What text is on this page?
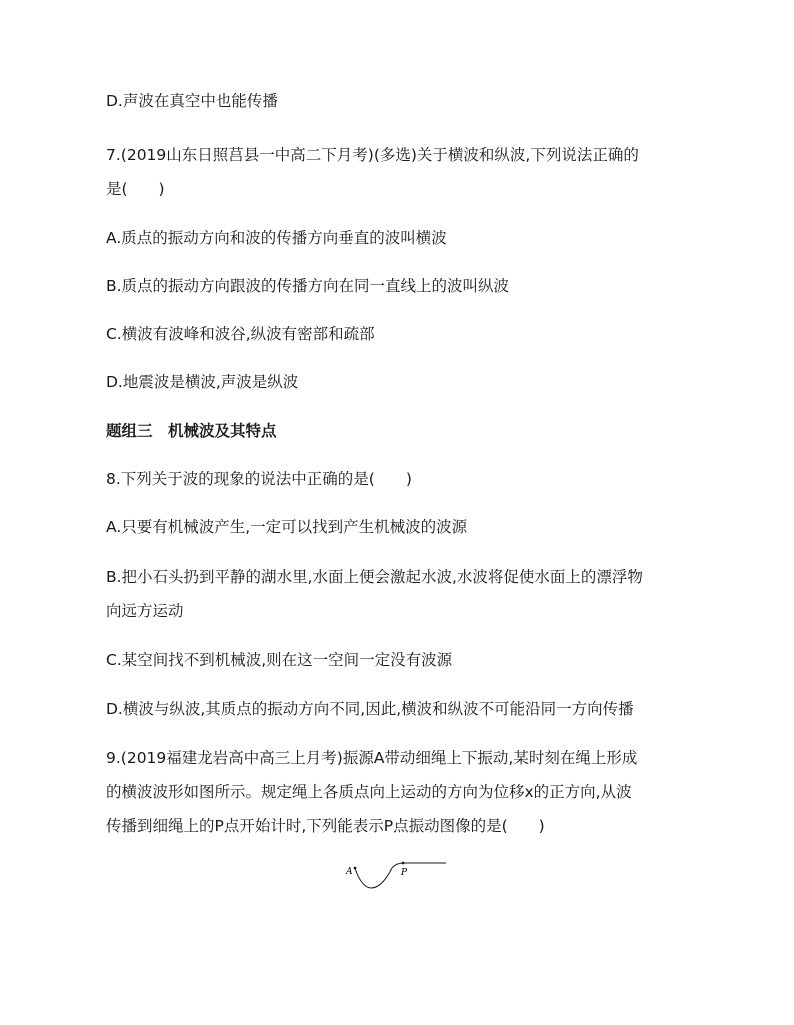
D.声波在真空中也能传播
7.(2019山东日照莒县一中高二下月考)(多选)关于横波和纵波,下列说法正确的
是(　　)
A.质点的振动方向和波的传播方向垂直的波叫横波
B.质点的振动方向跟波的传播方向在同一直线上的波叫纵波
C.横波有波峰和波谷,纵波有密部和疏部
D.地震波是横波,声波是纵波
题组三　机械波及其特点
8.下列关于波的现象的说法中正确的是(　　)
A.只要有机械波产生,一定可以找到产生机械波的波源
B.把小石头扔到平静的湖水里,水面上便会激起水波,水波将促使水面上的漂浮物
向远方运动
C.某空间找不到机械波,则在这一空间一定没有波源
D.横波与纵波,其质点的振动方向不同,因此,横波和纵波不可能沿同一方向传播
9.(2019福建龙岩高中高三上月考)振源A带动细绳上下振动,某时刻在绳上形成
的横波波形如图所示。规定绳上各质点向上运动的方向为位移x的正方向,从波
传播到细绳上的P点开始计时,下列能表示P点振动图像的是(　　)
A	P
